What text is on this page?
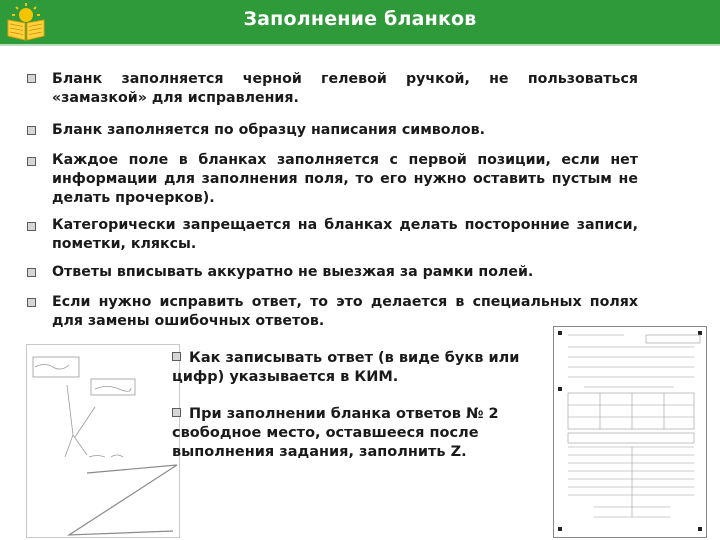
Заполнение бланков
Бланк заполняется черной гелевой ручкой, не пользоваться «замазкой» для исправления.
Бланк заполняется по образцу написания символов.
Каждое поле в бланках заполняется с первой позиции, если нет информации для заполнения поля, то его нужно оставить пустым не делать прочерков).
Категорически запрещается на бланках делать посторонние записи, пометки, кляксы.
Ответы вписывать аккуратно не выезжая за рамки полей.
Если нужно исправить ответ, то это делается в специальных полях для замены ошибочных ответов.
Как записывать ответ (в виде букв или цифр) указывается в КИМ.
При заполнении бланка ответов № 2 свободное место, оставшееся после выполнения задания, заполнить Z.
